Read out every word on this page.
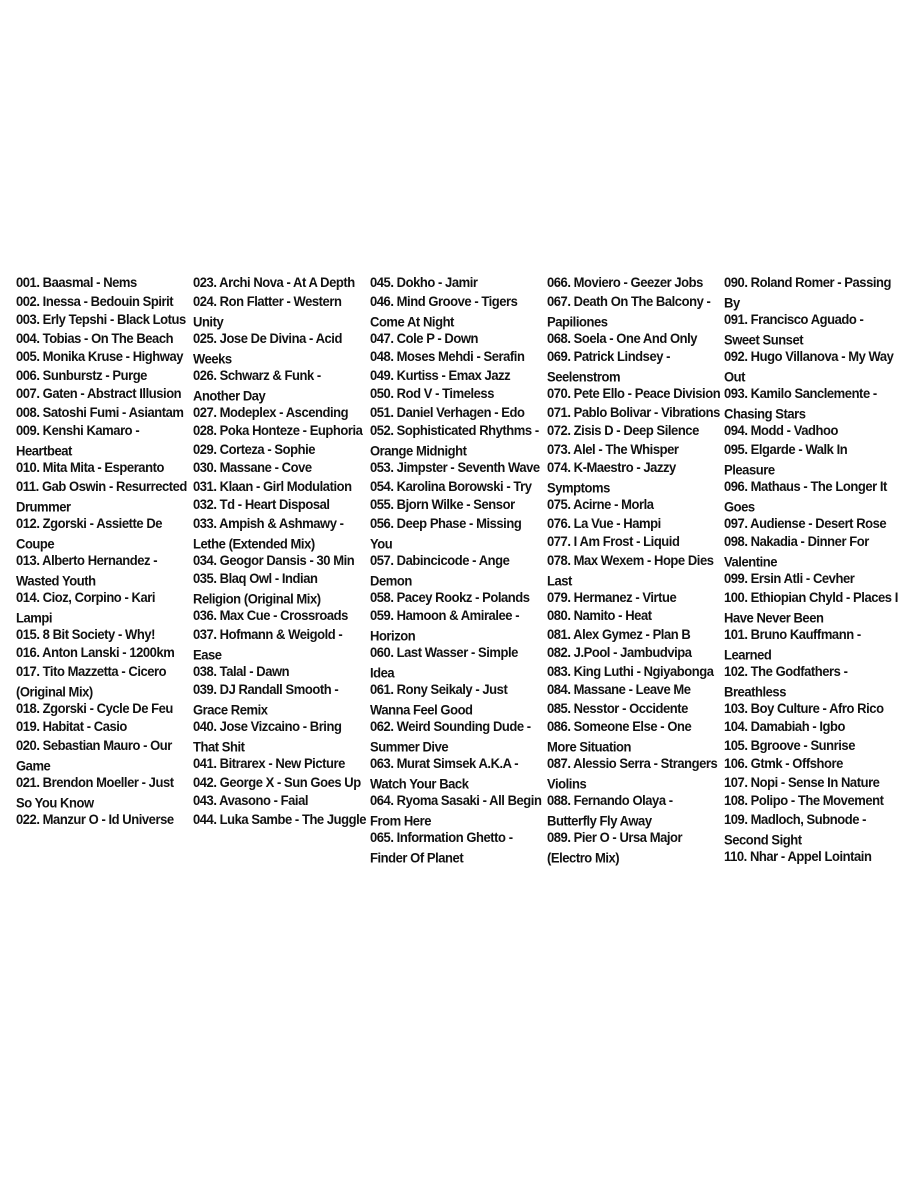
001. Baasmal - Nems
002. Inessa - Bedouin Spirit
003. Erly Tepshi - Black Lotus
004. Tobias - On The Beach
005. Monika Kruse - Highway
006. Sunburstz - Purge
007. Gaten - Abstract Illusion
008. Satoshi Fumi - Asiantam
009. Kenshi Kamaro - Heartbeat
010. Mita Mita - Esperanto
011. Gab Oswin - Resurrected Drummer
012. Zgorski - Assiette De Coupe
013. Alberto Hernandez - Wasted Youth
014. Cioz, Corpino - Kari Lampi
015. 8 Bit Society - Why!
016. Anton Lanski - 1200km
017. Tito Mazzetta - Cicero (Original Mix)
018. Zgorski - Cycle De Feu
019. Habitat - Casio
020. Sebastian Mauro - Our Game
021. Brendon Moeller - Just So You Know
022. Manzur O - Id Universe
023. Archi Nova - At A Depth
024. Ron Flatter - Western Unity
025. Jose De Divina - Acid Weeks
026. Schwarz & Funk - Another Day
027. Modeplex - Ascending
028. Poka Honteze - Euphoria
029. Corteza - Sophie
030. Massane - Cove
031. Klaan - Girl Modulation
032. Td - Heart Disposal
033. Ampish & Ashmawy - Lethe (Extended Mix)
034. Geogor Dansis - 30 Min
035. Blaq Owl - Indian Religion (Original Mix)
036. Max Cue - Crossroads
037. Hofmann & Weigold - Ease
038. Talal - Dawn
039. DJ Randall Smooth - Grace Remix
040. Jose Vizcaino - Bring That Shit
041. Bitrarex - New Picture
042. George X - Sun Goes Up
043. Avasono - Faial
044. Luka Sambe - The Juggle
045. Dokho - Jamir
046. Mind Groove - Tigers Come At Night
047. Cole P - Down
048. Moses Mehdi - Serafin
049. Kurtiss - Emax Jazz
050. Rod V - Timeless
051. Daniel Verhagen - Edo
052. Sophisticated Rhythms - Orange Midnight
053. Jimpster - Seventh Wave
054. Karolina Borowski - Try
055. Bjorn Wilke - Sensor
056. Deep Phase - Missing You
057. Dabincicode - Ange Demon
058. Pacey Rookz - Polands
059. Hamoon & Amiralee - Horizon
060. Last Wasser - Simple Idea
061. Rony Seikaly - Just Wanna Feel Good
062. Weird Sounding Dude - Summer Dive
063. Murat Simsek A.K.A - Watch Your Back
064. Ryoma Sasaki - All Begin From Here
065. Information Ghetto - Finder Of Planet
066. Moviero - Geezer Jobs
067. Death On The Balcony - Papiliones
068. Soela - One And Only
069. Patrick Lindsey - Seelenstrom
070. Pete Ello - Peace Division
071. Pablo Bolivar - Vibrations
072. Zisis D - Deep Silence
073. Alel - The Whisper
074. K-Maestro - Jazzy Symptoms
075. Acirne - Morla
076. La Vue - Hampi
077. I Am Frost - Liquid
078. Max Wexem - Hope Dies Last
079. Hermanez - Virtue
080. Namito - Heat
081. Alex Gymez - Plan B
082. J.Pool - Jambudvipa
083. King Luthi - Ngiyabonga
084. Massane - Leave Me
085. Nesstor - Occidente
086. Someone Else - One More Situation
087. Alessio Serra - Strangers Violins
088. Fernando Olaya - Butterfly Fly Away
089. Pier O - Ursa Major (Electro Mix)
090. Roland Romer - Passing By
091. Francisco Aguado - Sweet Sunset
092. Hugo Villanova - My Way Out
093. Kamilo Sanclemente - Chasing Stars
094. Modd - Vadhoo
095. Elgarde - Walk In Pleasure
096. Mathaus - The Longer It Goes
097. Audiense - Desert Rose
098. Nakadia - Dinner For Valentine
099. Ersin Atli - Cevher
100. Ethiopian Chyld - Places I Have Never Been
101. Bruno Kauffmann - Learned
102. The Godfathers - Breathless
103. Boy Culture - Afro Rico
104. Damabiah - Igbo
105. Bgroove - Sunrise
106. Gtmk - Offshore
107. Nopi - Sense In Nature
108. Polipo - The Movement
109. Madloch, Subnode - Second Sight
110. Nhar - Appel Lointain
